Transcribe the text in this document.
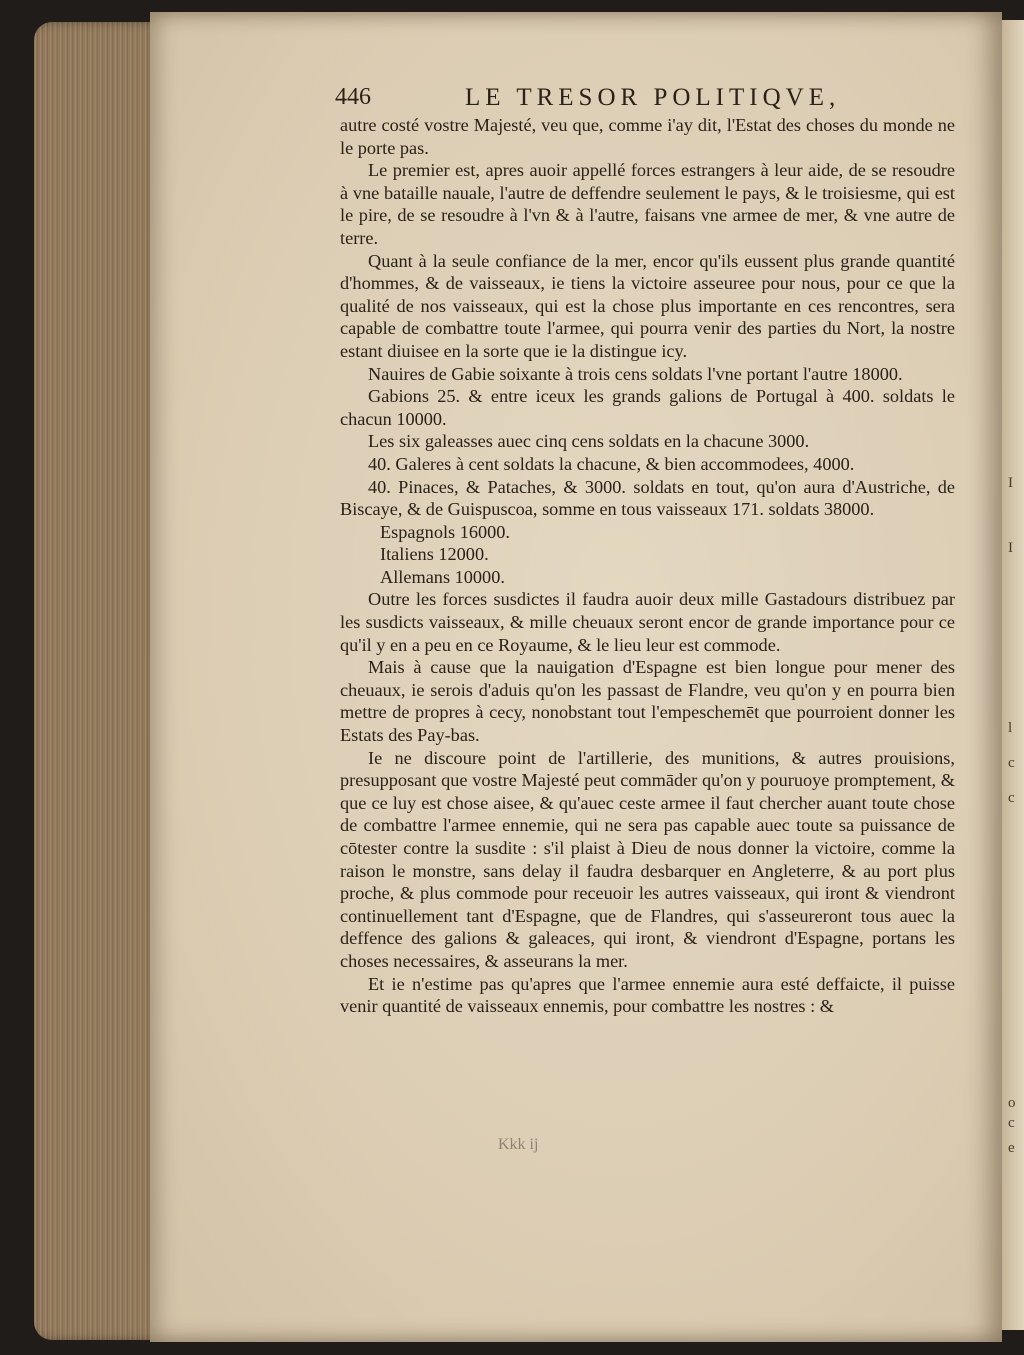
I
I
l
c
c
o
c
e
446	LE TRESOR POLITIQVE,

autre costé vostre Majesté, veu que, comme i'ay dit, l'Estat des choses du monde ne le porte pas.

Le premier est, apres auoir appellé forces estrangers à leur aide, de se resoudre à vne bataille nauale, l'autre de deffendre seulement le pays, & le troisiesme, qui est le pire, de se resoudre à l'vn & à l'autre, faisans vne armee de mer, & vne autre de terre.

Quant à la seule confiance de la mer, encor qu'ils eussent plus grande quantité d'hommes, & de vaisseaux, ie tiens la victoire asseuree pour nous, pour ce que la qualité de nos vaisseaux, qui est la chose plus importante en ces rencontres, sera capable de combattre toute l'armee, qui pourra venir des parties du Nort, la nostre estant diuisee en la sorte que ie la distingue icy.

Nauires de Gabie soixante à trois cens soldats l'vne portant l'autre 18000.

Gabions 25. & entre iceux les grands galions de Portugal à 400. soldats le chacun 10000.

Les six galeasses auec cinq cens soldats en la chacune 3000.

40. Galeres à cent soldats la chacune, & bien accommodees, 4000.

40. Pinaces, & Pataches, & 3000. soldats en tout, qu'on aura d'Austriche, de Biscaye, & de Guispuscoa, somme en tous vaisseaux 171. soldats 38000.

Espagnols 16000.

Italiens 12000.

Allemans 10000.

Outre les forces susdictes il faudra auoir deux mille Gastadours distribuez par les susdicts vaisseaux, & mille cheuaux seront encor de grande importance pour ce qu'il y en a peu en ce Royaume, & le lieu leur est commode.

Mais à cause que la nauigation d'Espagne est bien longue pour mener des cheuaux, ie serois d'aduis qu'on les passast de Flandre, veu qu'on y en pourra bien mettre de propres à cecy, nonobstant tout l'empeschemēt que pourroient donner les Estats des Pay-bas.

Ie ne discoure point de l'artillerie, des munitions, & autres prouisions, presupposant que vostre Majesté peut commāder qu'on y pouruoye promptement, & que ce luy est chose aisee, & qu'auec ceste armee il faut chercher auant toute chose de combattre l'armee ennemie, qui ne sera pas capable auec toute sa puissance de cōtester contre la susdite : s'il plaist à Dieu de nous donner la victoire, comme la raison le monstre, sans delay il faudra desbarquer en Angleterre, & au port plus proche, & plus commode pour receuoir les autres vaisseaux, qui iront & viendront continuellement tant d'Espagne, que de Flandres, qui s'asseureront tous auec la deffence des galions & galeaces, qui iront, & viendront d'Espagne, portans les choses necessaires, & asseurans la mer.

Et ie n'estime pas qu'apres que l'armee ennemie aura esté deffaicte, il puisse venir quantité de vaisseaux ennemis, pour combattre les nostres : &

Kkk ij
